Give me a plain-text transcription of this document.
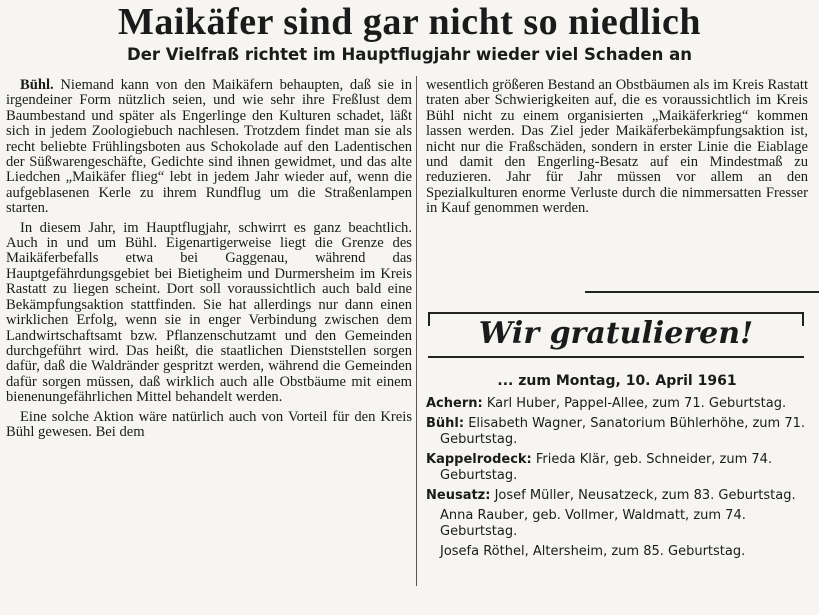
Maikäfer sind gar nicht so niedlich
Der Vielfraß richtet im Hauptflugjahr wieder viel Schaden an

Bühl. Niemand kann von den Maikäfern behaupten, daß sie in irgendeiner Form nützlich seien, und wie sehr ihre Freßlust dem Baumbestand und später als Engerlinge den Kulturen schadet, läßt sich in jedem Zoologiebuch nachlesen. Trotzdem findet man sie als recht beliebte Frühlingsboten aus Schokolade auf den Ladentischen der Süßwarengeschäfte, Gedichte sind ihnen gewidmet, und das alte Liedchen „Maikäfer flieg“ lebt in jedem Jahr wieder auf, wenn die aufgeblasenen Kerle zu ihrem Rundflug um die Straßenlampen starten.

In diesem Jahr, im Hauptflugjahr, schwirrt es ganz beachtlich. Auch in und um Bühl. Eigenartigerweise liegt die Grenze des Maikäferbefalls etwa bei Gaggenau, während das Hauptgefährdungsgebiet bei Bietigheim und Durmersheim im Kreis Rastatt zu liegen scheint. Dort soll voraussichtlich auch bald eine Bekämpfungsaktion stattfinden. Sie hat allerdings nur dann einen wirklichen Erfolg, wenn sie in enger Verbindung zwischen dem Landwirtschaftsamt bzw. Pflanzenschutzamt und den Gemeinden durchgeführt wird. Das heißt, die staatlichen Dienststellen sorgen dafür, daß die Waldränder gespritzt werden, während die Gemeinden dafür sorgen müssen, daß wirklich auch alle Obstbäume mit einem bienenungefährlichen Mittel behandelt werden.

Eine solche Aktion wäre natürlich auch von Vorteil für den Kreis Bühl gewesen. Bei dem

wesentlich größeren Bestand an Obstbäumen als im Kreis Rastatt traten aber Schwierigkeiten auf, die es voraussichtlich im Kreis Bühl nicht zu einem organisierten „Maikäferkrieg“ kommen lassen werden. Das Ziel jeder Maikäferbekämpfungsaktion ist, nicht nur die Fraßschäden, sondern in erster Linie die Eiablage und damit den Engerling-Besatz auf ein Mindestmaß zu reduzieren. Jahr für Jahr müssen vor allem an den Spezialkulturen enorme Verluste durch die nimmersatten Fresser in Kauf genommen werden.

Wir gratulieren!
... zum Montag, 10. April 1961
Achern: Karl Huber, Pappel-Allee, zum 71. Geburtstag.
Bühl: Elisabeth Wagner, Sanatorium Bühlerhöhe, zum 71. Geburtstag.
Kappelrodeck: Frieda Klär, geb. Schneider, zum 74. Geburtstag.
Neusatz: Josef Müller, Neusatzeck, zum 83. Geburtstag.
Anna Rauber, geb. Vollmer, Waldmatt, zum 74. Geburtstag.
Josefa Röthel, Altersheim, zum 85. Geburtstag.
